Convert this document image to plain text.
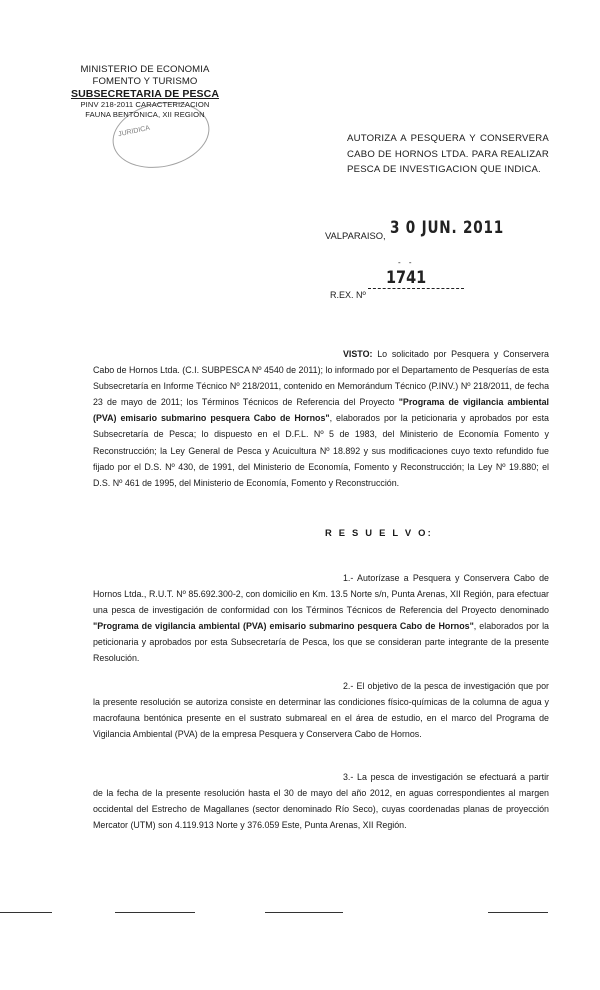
MINISTERIO DE ECONOMIA
FOMENTO Y TURISMO
SUBSECRETARIA DE PESCA
PINV 218-2011 CARACTERIZACION
FAUNA BENTONICA, XII REGION
JURIDICA
AUTORIZA A PESQUERA Y CONSERVERA CABO DE HORNOS LTDA. PARA REALIZAR PESCA DE INVESTIGACION QUE INDICA.
VALPARAISO, 3 0 JUN. 2011
- -
1741
R.EX. Nº
VISTO: Lo solicitado por Pesquera y Conservera Cabo de Hornos Ltda. (C.I. SUBPESCA Nº 4540 de 2011); lo informado por el Departamento de Pesquerías de esta Subsecretaría en Informe Técnico Nº 218/2011, contenido en Memorándum Técnico (P.INV.) Nº 218/2011, de fecha 23 de mayo de 2011; los Términos Técnicos de Referencia del Proyecto "Programa de vigilancia ambiental (PVA) emisario submarino pesquera Cabo de Hornos", elaborados por la peticionaria y aprobados por esta Subsecretaría de Pesca; lo dispuesto en el D.F.L. Nº 5 de 1983, del Ministerio de Economía Fomento y Reconstrucción; la Ley General de Pesca y Acuicultura Nº 18.892 y sus modificaciones cuyo texto refundido fue fijado por el D.S. Nº 430, de 1991, del Ministerio de Economía, Fomento y Reconstrucción; la Ley Nº 19.880; el D.S. Nº 461 de 1995, del Ministerio de Economía, Fomento y Reconstrucción.
R E S U E L V O:
1.- Autorízase a Pesquera y Conservera Cabo de Hornos Ltda., R.U.T. Nº 85.692.300-2, con domicilio en Km. 13.5 Norte s/n, Punta Arenas, XII Región, para efectuar una pesca de investigación de conformidad con los Términos Técnicos de Referencia del Proyecto denominado "Programa de vigilancia ambiental (PVA) emisario submarino pesquera Cabo de Hornos", elaborados por la peticionaria y aprobados por esta Subsecretaría de Pesca, los que se consideran parte integrante de la presente Resolución.
2.- El objetivo de la pesca de investigación que por la presente resolución se autoriza consiste en determinar las condiciones físico-químicas de la columna de agua y macrofauna bentónica presente en el sustrato submareal en el área de estudio, en el marco del Programa de Vigilancia Ambiental (PVA) de la empresa Pesquera y Conservera Cabo de Hornos.
3.- La pesca de investigación se efectuará a partir de la fecha de la presente resolución hasta el 30 de mayo del año 2012, en aguas correspondientes al margen occidental del Estrecho de Magallanes (sector denominado Río Seco), cuyas coordenadas planas de proyección Mercator (UTM) son 4.119.913 Norte y 376.059 Este, Punta Arenas, XII Región.
